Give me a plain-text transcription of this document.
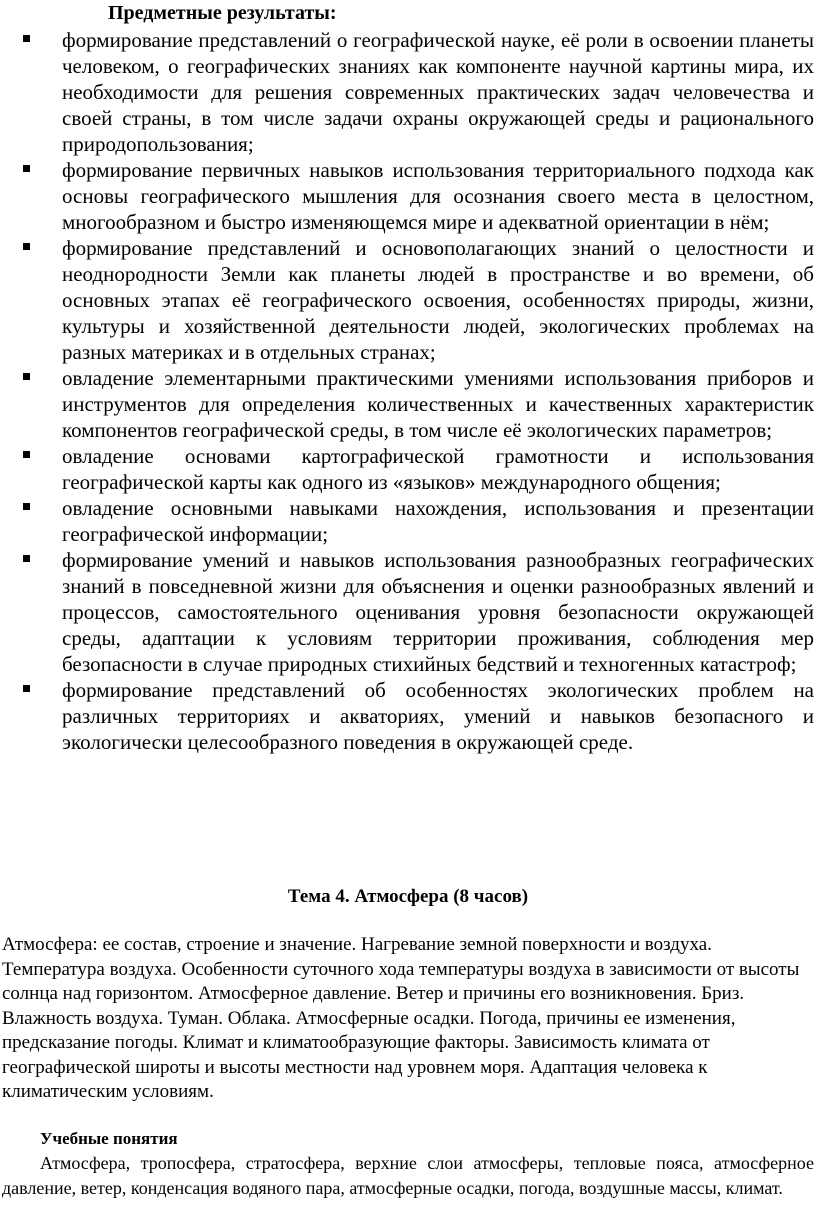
Предметные результаты:
формирование представлений о географической науке, её роли в освоении планеты человеком, о географических знаниях как компоненте научной картины мира, их необходимости для решения современных практических задач человечества и своей страны, в том числе задачи охраны окружающей среды и рационального природопользования;
формирование первичных навыков использования территориального подхода как основы географического мышления для осознания своего места в целостном, многообразном и быстро изменяющемся мире и адекватной ориентации в нём;
формирование представлений и основополагающих знаний о целостности и неоднородности Земли как планеты людей в пространстве и во времени, об основных этапах её географического освоения, особенностях природы, жизни, культуры и хозяйственной деятельности людей, экологических проблемах на разных материках и в отдельных странах;
овладение элементарными практическими умениями использования приборов и инструментов для определения количественных и качественных характеристик компонентов географической среды, в том числе её экологических параметров;
овладение основами картографической грамотности и использования географической карты как одного из «языков» международного общения;
овладение основными навыками нахождения, использования и презентации географической информации;
формирование умений и навыков использования разнообразных географических знаний в повседневной жизни для объяснения и оценки разнообразных явлений и процессов, самостоятельного оценивания уровня безопасности окружающей среды, адаптации к условиям территории проживания, соблюдения мер безопасности в случае природных стихийных бедствий и техногенных катастроф;
формирование представлений об особенностях экологических проблем на различных территориях и акваториях, умений и навыков безопасного и экологически целесообразного поведения в окружающей среде.
Тема 4. Атмосфера (8 часов)

Атмосфера: ее состав, строение и значение. Нагревание земной поверхности и воздуха. Температура воздуха. Особенности суточного хода температуры воздуха в зависимости от высоты солнца над горизонтом. Атмосферное давление. Ветер и причины его возникновения. Бриз. Влажность воздуха. Туман. Облака. Атмосферные осадки. Погода, причины ее изменения, предсказание погоды. Климат и климатообразующие факторы. Зависимость климата от географической широты и высоты местности над уровнем моря. Адаптация человека к климатическим условиям.

Учебные понятия

Атмосфера, тропосфера, стратосфера, верхние слои атмосферы, тепловые пояса, атмосферное давление, ветер, конденсация водяного пара, атмосферные осадки, погода, воздушные массы, климат.
